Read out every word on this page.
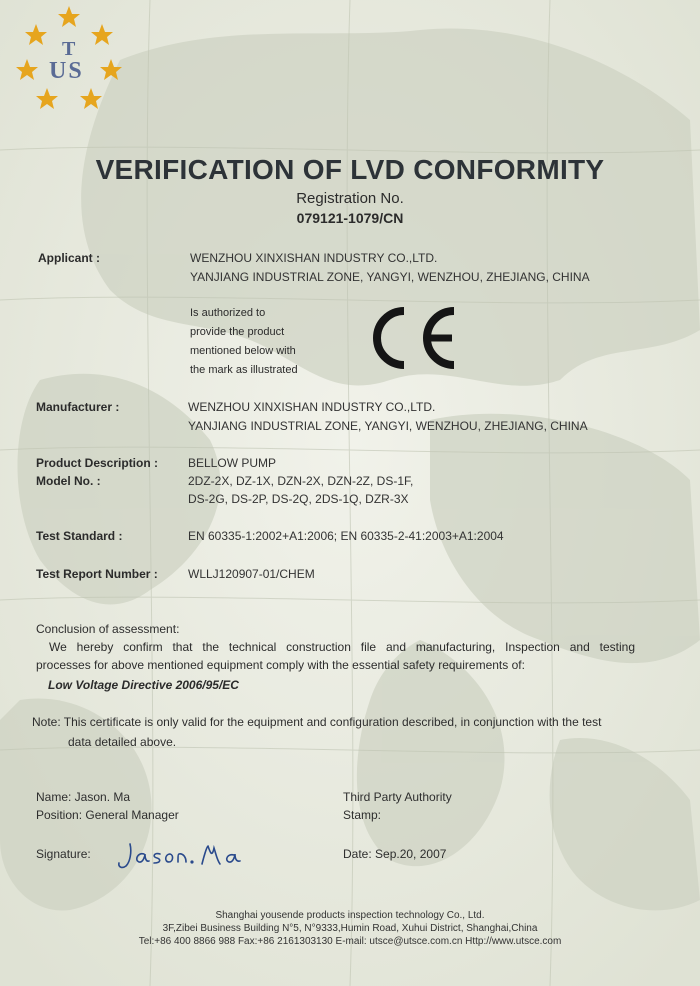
T
US
VERIFICATION OF LVD CONFORMITY
Registration No.
079121-1079/CN
Applicant :	WENZHOU XINXISHAN INDUSTRY CO.,LTD.
YANJIANG INDUSTRIAL ZONE, YANGYI, WENZHOU, ZHEJIANG, CHINA
Is authorized to
provide the product
mentioned below with
the mark as illustrated
Manufacturer :	WENZHOU XINXISHAN INDUSTRY CO.,LTD.
YANJIANG INDUSTRIAL ZONE, YANGYI, WENZHOU, ZHEJIANG, CHINA
Product Description : BELLOW PUMP
Model No. :	2DZ-2X, DZ-1X, DZN-2X, DZN-2Z, DS-1F,
DS-2G, DS-2P, DS-2Q, 2DS-1Q, DZR-3X
Test Standard :	EN 60335-1:2002+A1:2006; EN 60335-2-41:2003+A1:2004
Test Report Number :	WLLJ120907-01/CHEM
Conclusion of assessment:
We hereby confirm that the technical construction file and manufacturing, Inspection and testing
processes for above mentioned equipment comply with the essential safety requirements of:
Low Voltage Directive 2006/95/EC
Note: This certificate is only valid for the equipment and configuration described, in conjunction with the test
data detailed above.
Name: Jason. Ma
Position: General Manager
Signature:
Third Party Authority
Stamp:
Date: Sep.20, 2007
Shanghai yousende products inspection technology Co., Ltd.
3F,Zibei Business Building N°5, N°9333,Humin Road, Xuhui District, Shanghai,China
Tel:+86 400 8866 988 Fax:+86 2161303130 E-mail: utsce@utsce.com.cn Http://www.utsce.com
